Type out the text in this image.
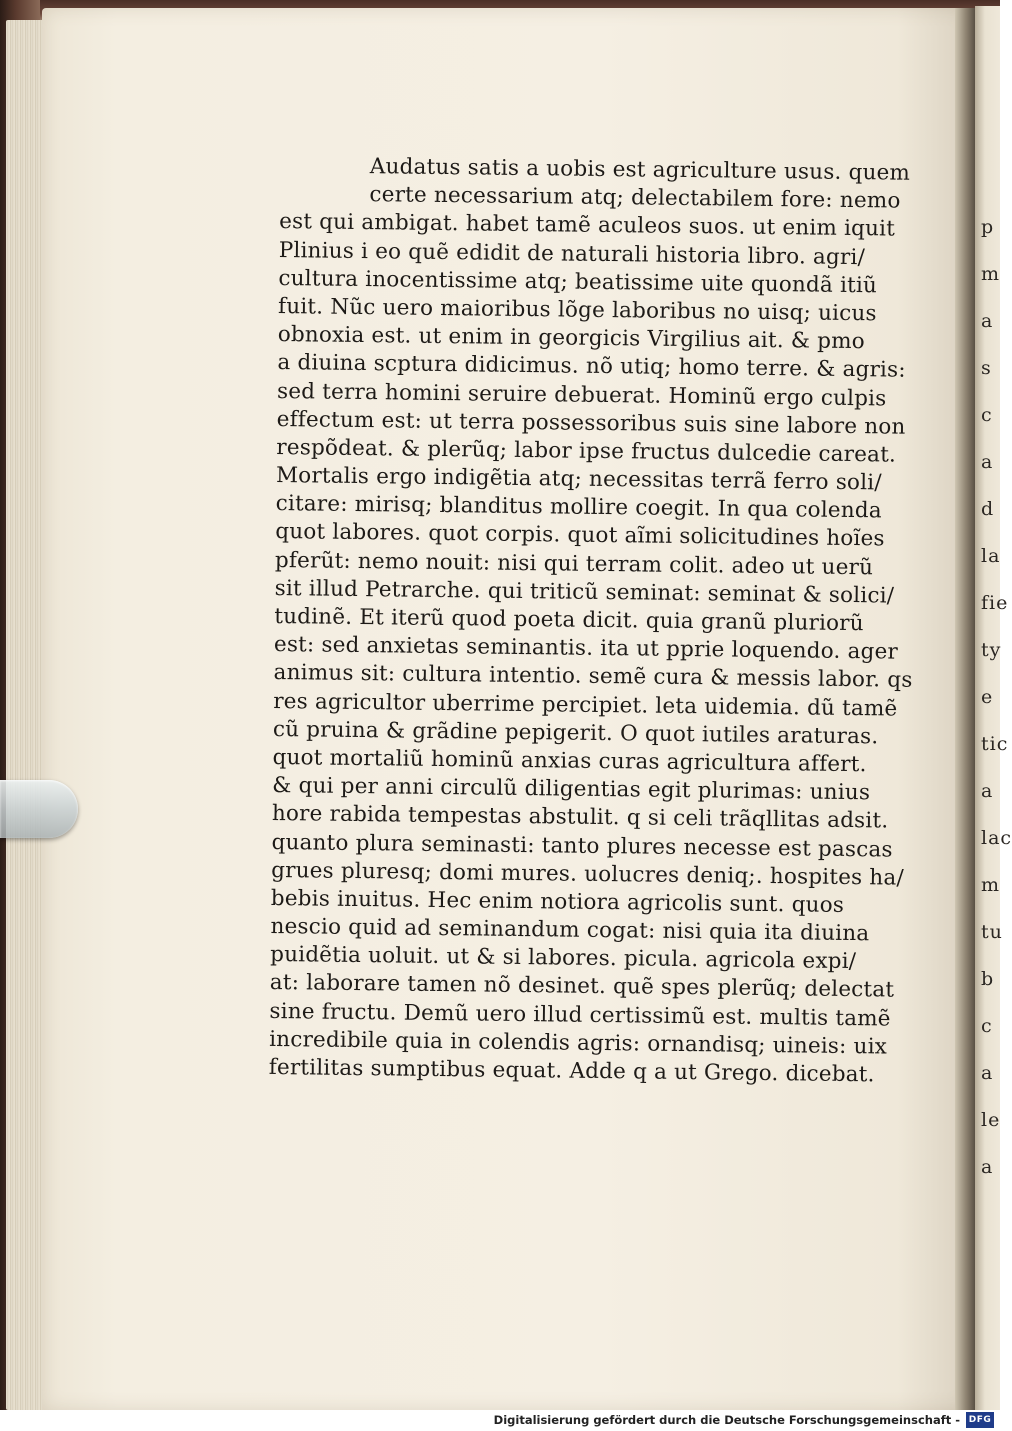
p
m
a
s
c
a
d
la
fie
ty
e
tic
a
lac
m
tu
b
c
a
le
a
Audatus satis a uobis est agriculture usus. quem
certe necessarium atq; delectabilem fore: nemo
est qui ambigat. habet tamẽ aculeos suos. ut enim iquit
Plinius i eo quẽ edidit de naturali historia libro. agri/
cultura inocentissime atq; beatissime uite quondã itiũ
fuit. Nũc uero maioribus lõge laboribus no uisq; uicus
obnoxia est. ut enim in georgicis Virgilius ait. & pmo
a diuina scptura didicimus. nõ utiq; homo terre. & agris:
sed terra homini seruire debuerat. Hominũ ergo culpis
effectum est: ut terra possessoribus suis sine labore non
respõdeat. & plerũq; labor ipse fructus dulcedie careat.
Mortalis ergo indigẽtia atq; necessitas terrã ferro soli/
citare: mirisq; blanditus mollire coegit. In qua colenda
quot labores. quot corpis. quot aĩmi solicitudines hoĩes
pferũt: nemo nouit: nisi qui terram colit. adeo ut uerũ
sit illud Petrarche. qui triticũ seminat: seminat & solici/
tudinẽ. Et iterũ quod poeta dicit. quia granũ pluriorũ
est: sed anxietas seminantis. ita ut pprie loquendo. ager
animus sit: cultura intentio. semẽ cura & messis labor. qs
res agricultor uberrime percipiet. leta uidemia. dũ tamẽ
cũ pruina & grãdine pepigerit. O quot iutiles araturas.
quot mortaliũ hominũ anxias curas agricultura affert.
& qui per anni circulũ diligentias egit plurimas: unius
hore rabida tempestas abstulit. q si celi trãqllitas adsit.
quanto plura seminasti: tanto plures necesse est pascas
grues pluresq; domi mures. uolucres deniq;. hospites ha/
bebis inuitus. Hec enim notiora agricolis sunt. quos
nescio quid ad seminandum cogat: nisi quia ita diuina
puidẽtia uoluit. ut & si labores. picula. agricola expi/
at: laborare tamen nõ desinet. quẽ spes plerũq; delectat
sine fructu. Demũ uero illud certissimũ est. multis tamẽ
incredibile quia in colendis agris: ornandisq; uineis: uix
fertilitas sumptibus equat. Adde q a ut Grego. dicebat.
Digitalisierung gefördert durch die Deutsche Forschungsgemeinschaft - DFG
